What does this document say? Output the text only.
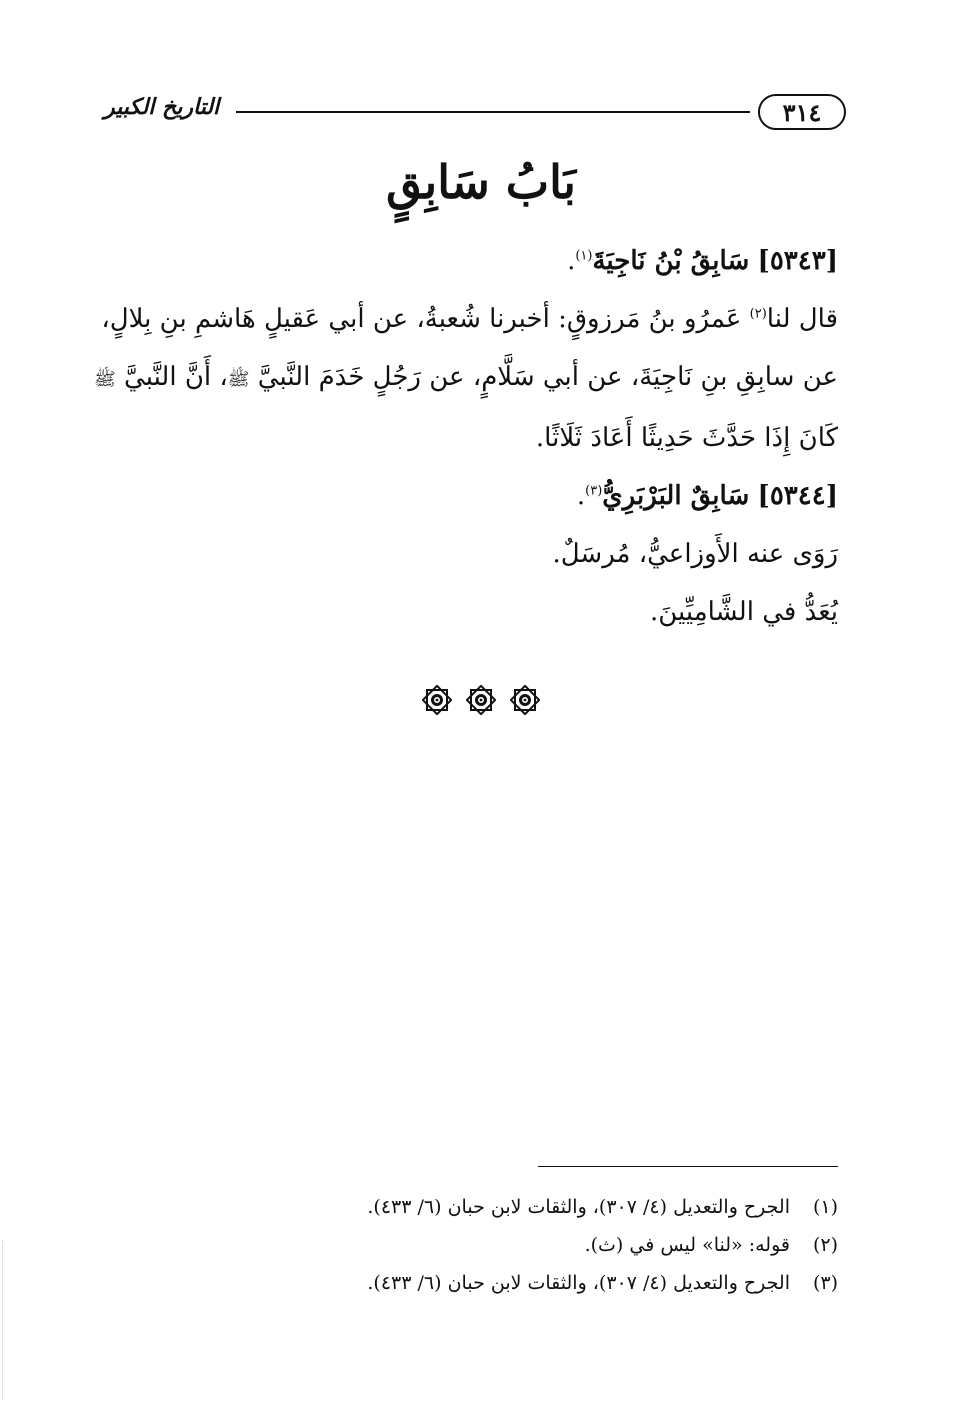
٣١٤
التاريخ الكبير
بَابُ سَابِقٍ

[٥٣٤٣] سَابِقُ بْنُ نَاجِيَةَ$^{(١)}$.

قال لنا$^{(٢)}$ عَمرُو بنُ مَرزوقٍ: أخبرنا شُعبةُ، عن أبي عَقيلٍ هَاشمِ بنِ بِلالٍ،

عن سابِقِ بنِ نَاجِيَةَ، عن أبي سَلَّامٍ، عن رَجُلٍ خَدَمَ النَّبيَّ ﷺ، أَنَّ النَّبيَّ ﷺ

كَانَ إِذَا حَدَّثَ حَدِيثًا أَعَادَ ثَلَاثًا.

[٥٣٤٤] سَابِقٌ البَرْبَرِيُّ$^{(٣)}$.

رَوَى عنه الأَوزاعيُّ، مُرسَلٌ.

يُعَدُّ في الشَّامِيِّينَ.

(١)الجرح والتعديل (٤/ ٣٠٧)، والثقات لابن حبان (٦/ ٤٣٣).

(٢)قوله: «لنا» ليس في (ث).

(٣)الجرح والتعديل (٤/ ٣٠٧)، والثقات لابن حبان (٦/ ٤٣٣).
